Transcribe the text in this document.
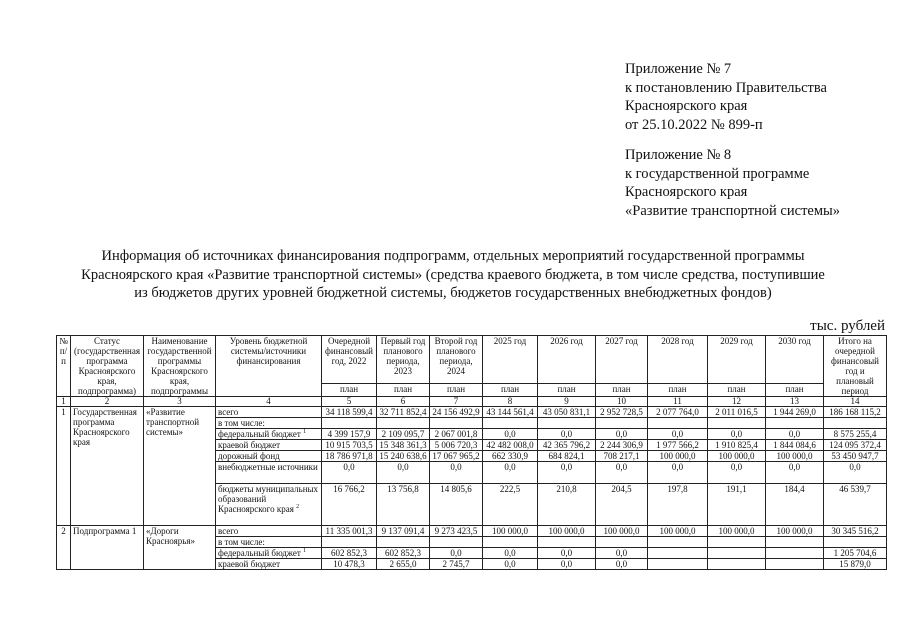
Приложение № 7
к постановлению Правительства
Красноярского края
от 25.10.2022 № 899-п
Приложение № 8
к государственной программе
Красноярского края
«Развитие транспортной системы»
Информация об источниках финансирования подпрограмм, отдельных мероприятий государственной программы
Красноярского края «Развитие транспортной системы» (средства краевого бюджета, в том числе средства, поступившие
из бюджетов других уровней бюджетной системы, бюджетов государственных внебюджетных фондов)
тыс. рублей
№ п/п	Статус (государственная программа Красноярского края, подпрограмма)	Наименование государственной программы Красноярского края, подпрограммы	Уровень бюджетной системы/источники финансирования	Очередной финансовый год, 2022	Первый год планового периода, 2023	Второй год планового периода, 2024	2025 год	2026 год	2027 год	2028 год	2029 год	2030 год	Итого на очередной финансовый год и плановый период
				план	план	план	план	план	план	план	план	план	
1	2	3	4	5	6	7	8	9	10	11	12	13	14
1	Государственная программа Красноярского края	«Развитие транспортной системы»	всего	34 118 599,4	32 711 852,4	24 156 492,9	43 144 561,4	43 050 831,1	2 952 728,5	2 077 764,0	2 011 016,5	1 944 269,0	186 168 115,2
			в том числе:										
			федеральный бюджет $^1$	4 399 157,9	2 109 095,7	2 067 001,8	0,0	0,0	0,0	0,0	0,0	0,0	8 575 255,4
			краевой бюджет	10 915 703,5	15 348 361,3	5 006 720,3	42 482 008,0	42 365 796,2	2 244 306,9	1 977 566,2	1 910 825,4	1 844 084,6	124 095 372,4
			дорожный фонд	18 786 971,8	15 240 638,6	17 067 965,2	662 330,9	684 824,1	708 217,1	100 000,0	100 000,0	100 000,0	53 450 947,7
			внебюджетные источники	0,0	0,0	0,0	0,0	0,0	0,0	0,0	0,0	0,0	0,0
			бюджеты муниципальных образований Красноярского края $^2$	16 766,2	13 756,8	14 805,6	222,5	210,8	204,5	197,8	191,1	184,4	46 539,7
2	Подпрограмма 1	«Дороги Красноярья»	всего	11 335 001,3	9 137 091,4	9 273 423,5	100 000,0	100 000,0	100 000,0	100 000,0	100 000,0	100 000,0	30 345 516,2
			в том числе:										
			федеральный бюджет $^1$	602 852,3	602 852,3	0,0	0,0	0,0	0,0				1 205 704,6
			краевой бюджет	10 478,3	2 655,0	2 745,7	0,0	0,0	0,0				15 879,0
